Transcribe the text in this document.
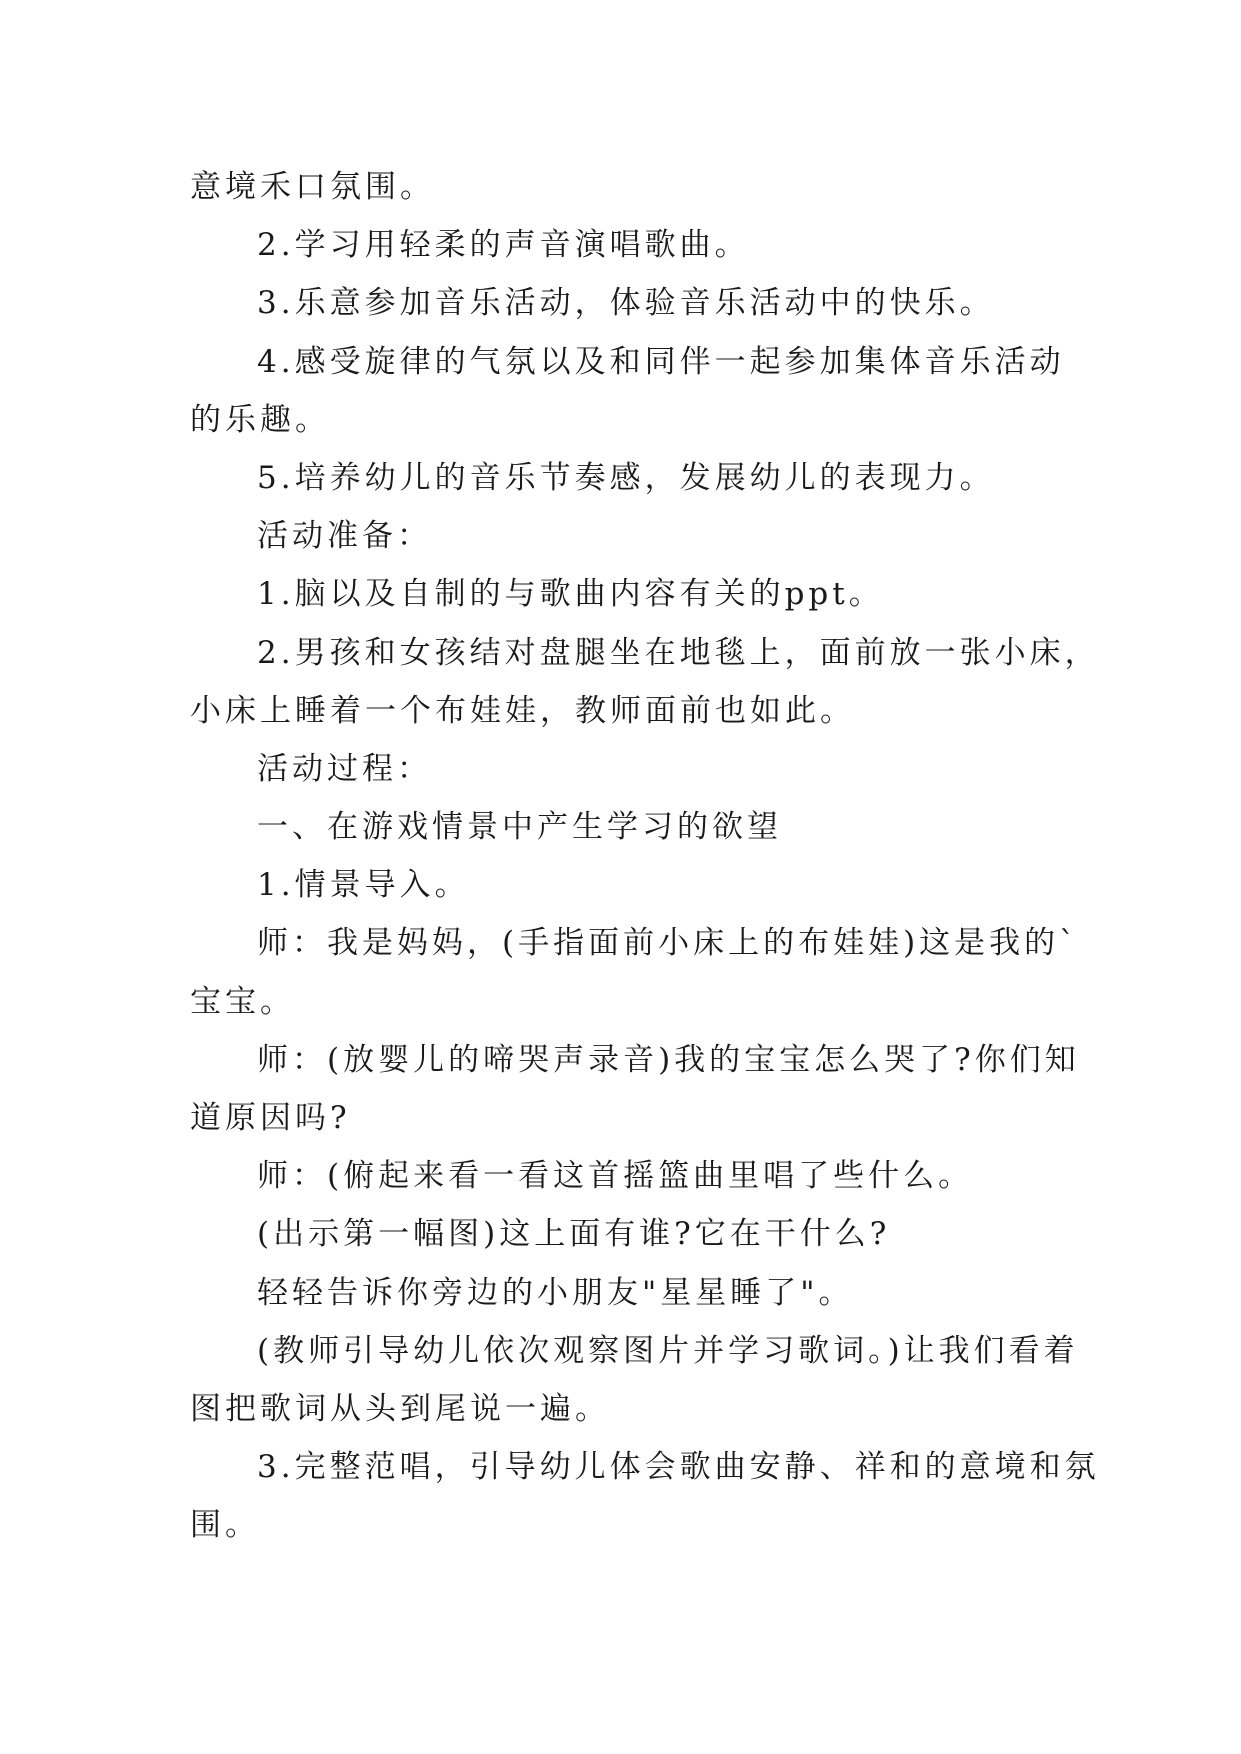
意境禾口氛围。
2.学习用轻柔的声音演唱歌曲。
3.乐意参加音乐活动，体验音乐活动中的快乐。
4.感受旋律的气氛以及和同伴一起参加集体音乐活动
的乐趣。
5.培养幼儿的音乐节奏感，发展幼儿的表现力。
活动准备：
1.脑以及自制的与歌曲内容有关的ppt。
2.男孩和女孩结对盘腿坐在地毯上，面前放一张小床，
小床上睡着一个布娃娃，教师面前也如此。
活动过程：
一、在游戏情景中产生学习的欲望
1.情景导入。
师：我是妈妈，(手指面前小床上的布娃娃)这是我的`
宝宝。
师：(放婴儿的啼哭声录音)我的宝宝怎么哭了?你们知
道原因吗?
师：(俯起来看一看这首摇篮曲里唱了些什么。
(出示第一幅图)这上面有谁?它在干什么?
轻轻告诉你旁边的小朋友"星星睡了"。
(教师引导幼儿依次观察图片并学习歌词。)让我们看着
图把歌词从头到尾说一遍。
3.完整范唱，引导幼儿体会歌曲安静、祥和的意境和氛
围。
